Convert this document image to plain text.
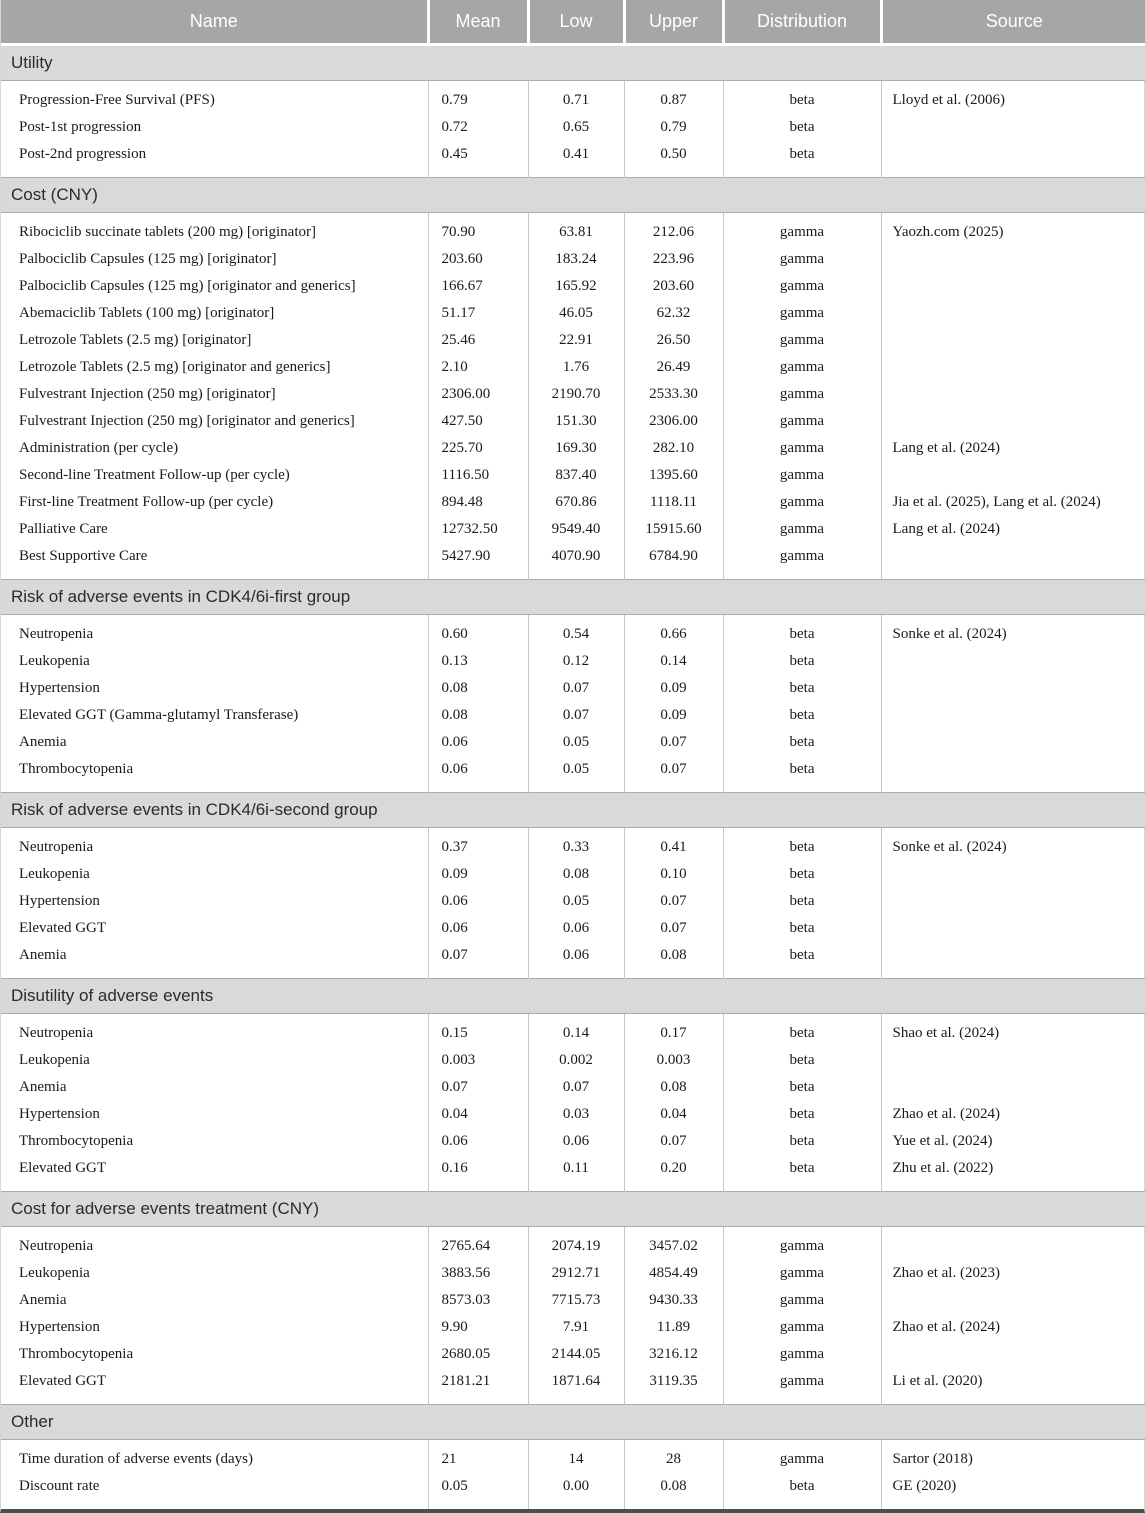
Name	Mean	Low	Upper	Distribution	Source
Utility					
Progression-Free Survival (PFS)	0.79	0.71	0.87	beta	Lloyd et al. (2006)
Post-1st progression	0.72	0.65	0.79	beta	
Post-2nd progression	0.45	0.41	0.50	beta	
Cost (CNY)					
Ribociclib succinate tablets (200 mg) [originator]	70.90	63.81	212.06	gamma	Yaozh.com (2025)
Palbociclib Capsules (125 mg) [originator]	203.60	183.24	223.96	gamma	
Palbociclib Capsules (125 mg) [originator and generics]	166.67	165.92	203.60	gamma	
Abemaciclib Tablets (100 mg) [originator]	51.17	46.05	62.32	gamma	
Letrozole Tablets (2.5 mg) [originator]	25.46	22.91	26.50	gamma	
Letrozole Tablets (2.5 mg) [originator and generics]	2.10	1.76	26.49	gamma	
Fulvestrant Injection (250 mg) [originator]	2306.00	2190.70	2533.30	gamma	
Fulvestrant Injection (250 mg) [originator and generics]	427.50	151.30	2306.00	gamma	
Administration (per cycle)	225.70	169.30	282.10	gamma	Lang et al. (2024)
Second-line Treatment Follow-up (per cycle)	1116.50	837.40	1395.60	gamma	
First-line Treatment Follow-up (per cycle)	894.48	670.86	1118.11	gamma	Jia et al. (2025), Lang et al. (2024)
Palliative Care	12732.50	9549.40	15915.60	gamma	Lang et al. (2024)
Best Supportive Care	5427.90	4070.90	6784.90	gamma	
Risk of adverse events in CDK4/6i-first group					
Neutropenia	0.60	0.54	0.66	beta	Sonke et al. (2024)
Leukopenia	0.13	0.12	0.14	beta	
Hypertension	0.08	0.07	0.09	beta	
Elevated GGT (Gamma-glutamyl Transferase)	0.08	0.07	0.09	beta	
Anemia	0.06	0.05	0.07	beta	
Thrombocytopenia	0.06	0.05	0.07	beta	
Risk of adverse events in CDK4/6i-second group					
Neutropenia	0.37	0.33	0.41	beta	Sonke et al. (2024)
Leukopenia	0.09	0.08	0.10	beta	
Hypertension	0.06	0.05	0.07	beta	
Elevated GGT	0.06	0.06	0.07	beta	
Anemia	0.07	0.06	0.08	beta	
Disutility of adverse events					
Neutropenia	0.15	0.14	0.17	beta	Shao et al. (2024)
Leukopenia	0.003	0.002	0.003	beta	
Anemia	0.07	0.07	0.08	beta	
Hypertension	0.04	0.03	0.04	beta	Zhao et al. (2024)
Thrombocytopenia	0.06	0.06	0.07	beta	Yue et al. (2024)
Elevated GGT	0.16	0.11	0.20	beta	Zhu et al. (2022)
Cost for adverse events treatment (CNY)					
Neutropenia	2765.64	2074.19	3457.02	gamma	
Leukopenia	3883.56	2912.71	4854.49	gamma	Zhao et al. (2023)
Anemia	8573.03	7715.73	9430.33	gamma	
Hypertension	9.90	7.91	11.89	gamma	Zhao et al. (2024)
Thrombocytopenia	2680.05	2144.05	3216.12	gamma	
Elevated GGT	2181.21	1871.64	3119.35	gamma	Li et al. (2020)
Other					
Time duration of adverse events (days)	21	14	28	gamma	Sartor (2018)
Discount rate	0.05	0.00	0.08	beta	GE (2020)
